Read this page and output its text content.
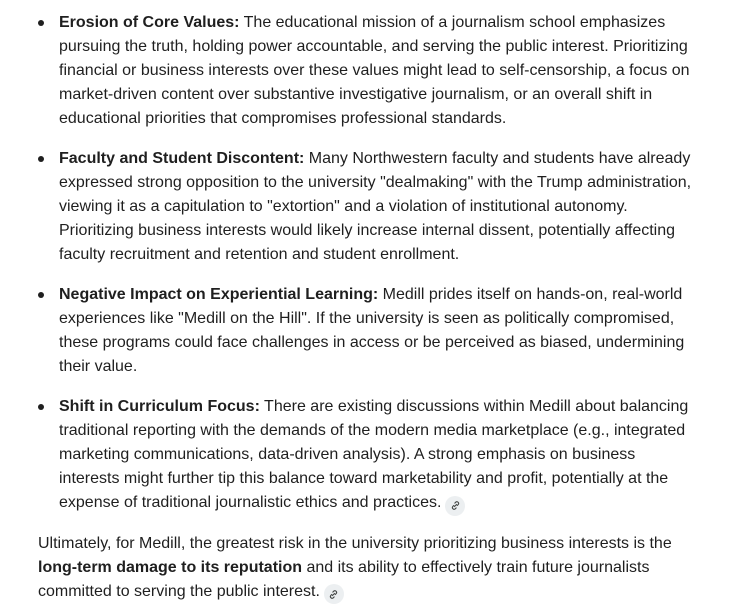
Erosion of Core Values: The educational mission of a journalism school emphasizes pursuing the truth, holding power accountable, and serving the public interest. Prioritizing financial or business interests over these values might lead to self-censorship, a focus on market-driven content over substantive investigative journalism, or an overall shift in educational priorities that compromises professional standards.
Faculty and Student Discontent: Many Northwestern faculty and students have already expressed strong opposition to the university "dealmaking" with the Trump administration, viewing it as a capitulation to "extortion" and a violation of institutional autonomy. Prioritizing business interests would likely increase internal dissent, potentially affecting faculty recruitment and retention and student enrollment.
Negative Impact on Experiential Learning: Medill prides itself on hands-on, real-world experiences like "Medill on the Hill". If the university is seen as politically compromised, these programs could face challenges in access or be perceived as biased, undermining their value.
Shift in Curriculum Focus: There are existing discussions within Medill about balancing traditional reporting with the demands of the modern media marketplace (e.g., integrated marketing communications, data-driven analysis). A strong emphasis on business interests might further tip this balance toward marketability and profit, potentially at the expense of traditional journalistic ethics and practices.

Ultimately, for Medill, the greatest risk in the university prioritizing business interests is the long-term damage to its reputation and its ability to effectively train future journalists committed to serving the public interest.
